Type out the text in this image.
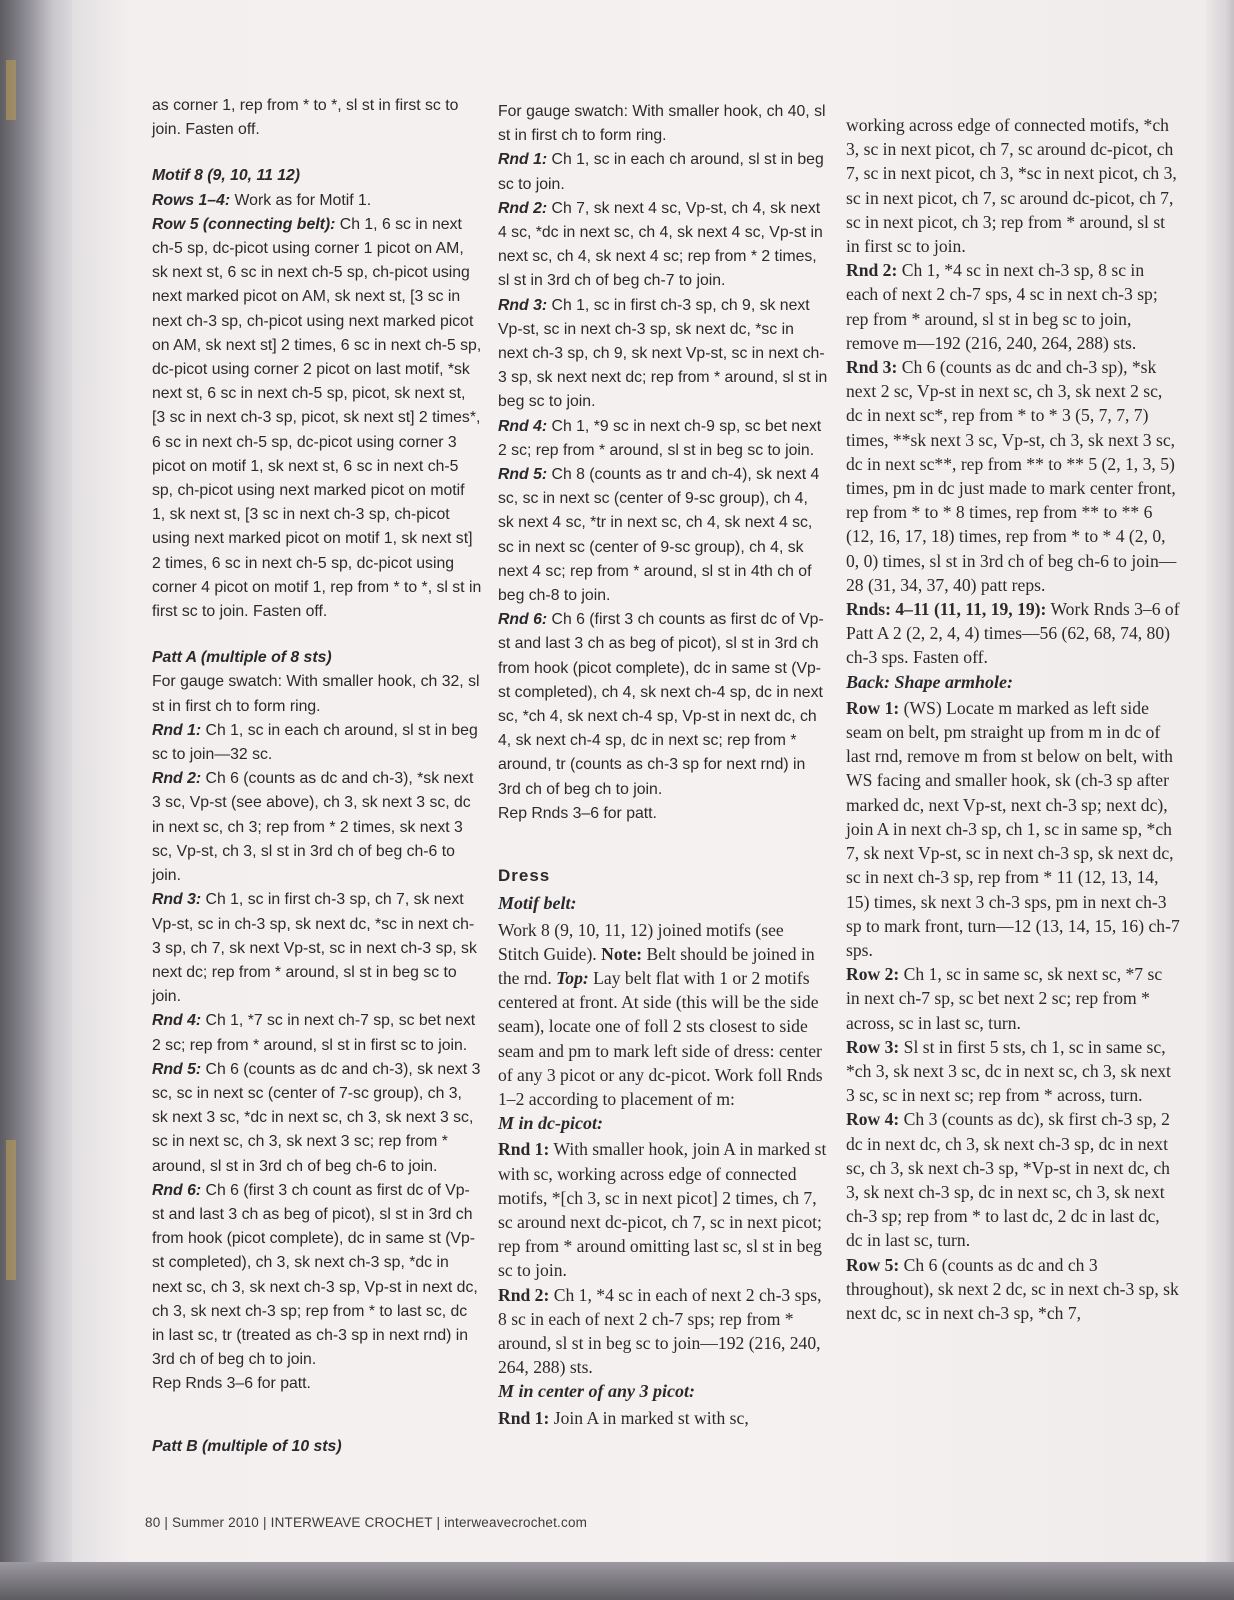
as corner 1, rep from * to *, sl st in first sc to join. Fasten off.

Motif 8 (9, 10, 11 12)

Rows 1–4: Work as for Motif 1.

Row 5 (connecting belt): Ch 1, 6 sc in next ch-5 sp, dc-picot using corner 1 picot on AM, sk next st, 6 sc in next ch-5 sp, ch-picot using next marked picot on AM, sk next st, [3 sc in next ch-3 sp, ch-picot using next marked picot on AM, sk next st] 2 times, 6 sc in next ch-5 sp, dc-picot using corner 2 picot on last motif, *sk next st, 6 sc in next ch-5 sp, picot, sk next st, [3 sc in next ch-3 sp, picot, sk next st] 2 times*, 6 sc in next ch-5 sp, dc-picot using corner 3 picot on motif 1, sk next st, 6 sc in next ch-5 sp, ch-picot using next marked picot on motif 1, sk next st, [3 sc in next ch-3 sp, ch-picot using next marked picot on motif 1, sk next st] 2 times, 6 sc in next ch-5 sp, dc-picot using corner 4 picot on motif 1, rep from * to *, sl st in first sc to join. Fasten off.

Patt A (multiple of 8 sts)

For gauge swatch: With smaller hook, ch 32, sl st in first ch to form ring.

Rnd 1: Ch 1, sc in each ch around, sl st in beg sc to join—32 sc.

Rnd 2: Ch 6 (counts as dc and ch-3), *sk next 3 sc, Vp-st (see above), ch 3, sk next 3 sc, dc in next sc, ch 3; rep from * 2 times, sk next 3 sc, Vp-st, ch 3, sl st in 3rd ch of beg ch-6 to join.

Rnd 3: Ch 1, sc in first ch-3 sp, ch 7, sk next Vp-st, sc in ch-3 sp, sk next dc, *sc in next ch-3 sp, ch 7, sk next Vp-st, sc in next ch-3 sp, sk next dc; rep from * around, sl st in beg sc to join.

Rnd 4: Ch 1, *7 sc in next ch-7 sp, sc bet next 2 sc; rep from * around, sl st in first sc to join.

Rnd 5: Ch 6 (counts as dc and ch-3), sk next 3 sc, sc in next sc (center of 7-sc group), ch 3, sk next 3 sc, *dc in next sc, ch 3, sk next 3 sc, sc in next sc, ch 3, sk next 3 sc; rep from * around, sl st in 3rd ch of beg ch-6 to join.

Rnd 6: Ch 6 (first 3 ch count as first dc of Vp-st and last 3 ch as beg of picot), sl st in 3rd ch from hook (picot complete), dc in same st (Vp-st completed), ch 3, sk next ch-3 sp, *dc in next sc, ch 3, sk next ch-3 sp, Vp-st in next dc, ch 3, sk next ch-3 sp; rep from * to last sc, dc in last sc, tr (treated as ch-3 sp in next rnd) in 3rd ch of beg ch to join.

Rep Rnds 3–6 for patt.

Patt B (multiple of 10 sts)

For gauge swatch: With smaller hook, ch 40, sl st in first ch to form ring.

Rnd 1: Ch 1, sc in each ch around, sl st in beg sc to join.

Rnd 2: Ch 7, sk next 4 sc, Vp-st, ch 4, sk next 4 sc, *dc in next sc, ch 4, sk next 4 sc, Vp-st in next sc, ch 4, sk next 4 sc; rep from * 2 times, sl st in 3rd ch of beg ch-7 to join.

Rnd 3: Ch 1, sc in first ch-3 sp, ch 9, sk next Vp-st, sc in next ch-3 sp, sk next dc, *sc in next ch-3 sp, ch 9, sk next Vp-st, sc in next ch-3 sp, sk next next dc; rep from * around, sl st in beg sc to join.

Rnd 4: Ch 1, *9 sc in next ch-9 sp, sc bet next 2 sc; rep from * around, sl st in beg sc to join.

Rnd 5: Ch 8 (counts as tr and ch-4), sk next 4 sc, sc in next sc (center of 9-sc group), ch 4, sk next 4 sc, *tr in next sc, ch 4, sk next 4 sc, sc in next sc (center of 9-sc group), ch 4, sk next 4 sc; rep from * around, sl st in 4th ch of beg ch-8 to join.

Rnd 6: Ch 6 (first 3 ch counts as first dc of Vp-st and last 3 ch as beg of picot), sl st in 3rd ch from hook (picot complete), dc in same st (Vp-st completed), ch 4, sk next ch-4 sp, dc in next sc, *ch 4, sk next ch-4 sp, Vp-st in next dc, ch 4, sk next ch-4 sp, dc in next sc; rep from * around, tr (counts as ch-3 sp for next rnd) in 3rd ch of beg ch to join.

Rep Rnds 3–6 for patt.

Dress

Motif belt:

Work 8 (9, 10, 11, 12) joined motifs (see Stitch Guide). Note: Belt should be joined in the rnd. Top: Lay belt flat with 1 or 2 motifs centered at front. At side (this will be the side seam), locate one of foll 2 sts closest to side seam and pm to mark left side of dress: center of any 3 picot or any dc-picot. Work foll Rnds 1–2 according to placement of m:

M in dc-picot:

Rnd 1: With smaller hook, join A in marked st with sc, working across edge of connected motifs, *[ch 3, sc in next picot] 2 times, ch 7, sc around next dc-picot, ch 7, sc in next picot; rep from * around omitting last sc, sl st in beg sc to join.

Rnd 2: Ch 1, *4 sc in each of next 2 ch-3 sps, 8 sc in each of next 2 ch-7 sps; rep from * around, sl st in beg sc to join—192 (216, 240, 264, 288) sts.

M in center of any 3 picot:

Rnd 1: Join A in marked st with sc,

working across edge of connected motifs, *ch 3, sc in next picot, ch 7, sc around dc-picot, ch 7, sc in next picot, ch 3, *sc in next picot, ch 3, sc in next picot, ch 7, sc around dc-picot, ch 7, sc in next picot, ch 3; rep from * around, sl st in first sc to join.

Rnd 2: Ch 1, *4 sc in next ch-3 sp, 8 sc in each of next 2 ch-7 sps, 4 sc in next ch-3 sp; rep from * around, sl st in beg sc to join, remove m—192 (216, 240, 264, 288) sts.

Rnd 3: Ch 6 (counts as dc and ch-3 sp), *sk next 2 sc, Vp-st in next sc, ch 3, sk next 2 sc, dc in next sc*, rep from * to * 3 (5, 7, 7, 7) times, **sk next 3 sc, Vp-st, ch 3, sk next 3 sc, dc in next sc**, rep from ** to ** 5 (2, 1, 3, 5) times, pm in dc just made to mark center front, rep from * to * 8 times, rep from ** to ** 6 (12, 16, 17, 18) times, rep from * to * 4 (2, 0, 0, 0) times, sl st in 3rd ch of beg ch-6 to join—28 (31, 34, 37, 40) patt reps.

Rnds: 4–11 (11, 11, 19, 19): Work Rnds 3–6 of Patt A 2 (2, 2, 4, 4) times—56 (62, 68, 74, 80) ch-3 sps. Fasten off.

Back: Shape armhole:

Row 1: (WS) Locate m marked as left side seam on belt, pm straight up from m in dc of last rnd, remove m from st below on belt, with WS facing and smaller hook, sk (ch-3 sp after marked dc, next Vp-st, next ch-3 sp; next dc), join A in next ch-3 sp, ch 1, sc in same sp, *ch 7, sk next Vp-st, sc in next ch-3 sp, sk next dc, sc in next ch-3 sp, rep from * 11 (12, 13, 14, 15) times, sk next 3 ch-3 sps, pm in next ch-3 sp to mark front, turn—12 (13, 14, 15, 16) ch-7 sps.

Row 2: Ch 1, sc in same sc, sk next sc, *7 sc in next ch-7 sp, sc bet next 2 sc; rep from * across, sc in last sc, turn.

Row 3: Sl st in first 5 sts, ch 1, sc in same sc, *ch 3, sk next 3 sc, dc in next sc, ch 3, sk next 3 sc, sc in next sc; rep from * across, turn.

Row 4: Ch 3 (counts as dc), sk first ch-3 sp, 2 dc in next dc, ch 3, sk next ch-3 sp, dc in next sc, ch 3, sk next ch-3 sp, *Vp-st in next dc, ch 3, sk next ch-3 sp, dc in next sc, ch 3, sk next ch-3 sp; rep from * to last dc, 2 dc in last dc, dc in last sc, turn.

Row 5: Ch 6 (counts as dc and ch 3 throughout), sk next 2 dc, sc in next ch-3 sp, sk next dc, sc in next ch-3 sp, *ch 7,

80 | Summer 2010 | INTERWEAVE CROCHET | interweavecrochet.com
